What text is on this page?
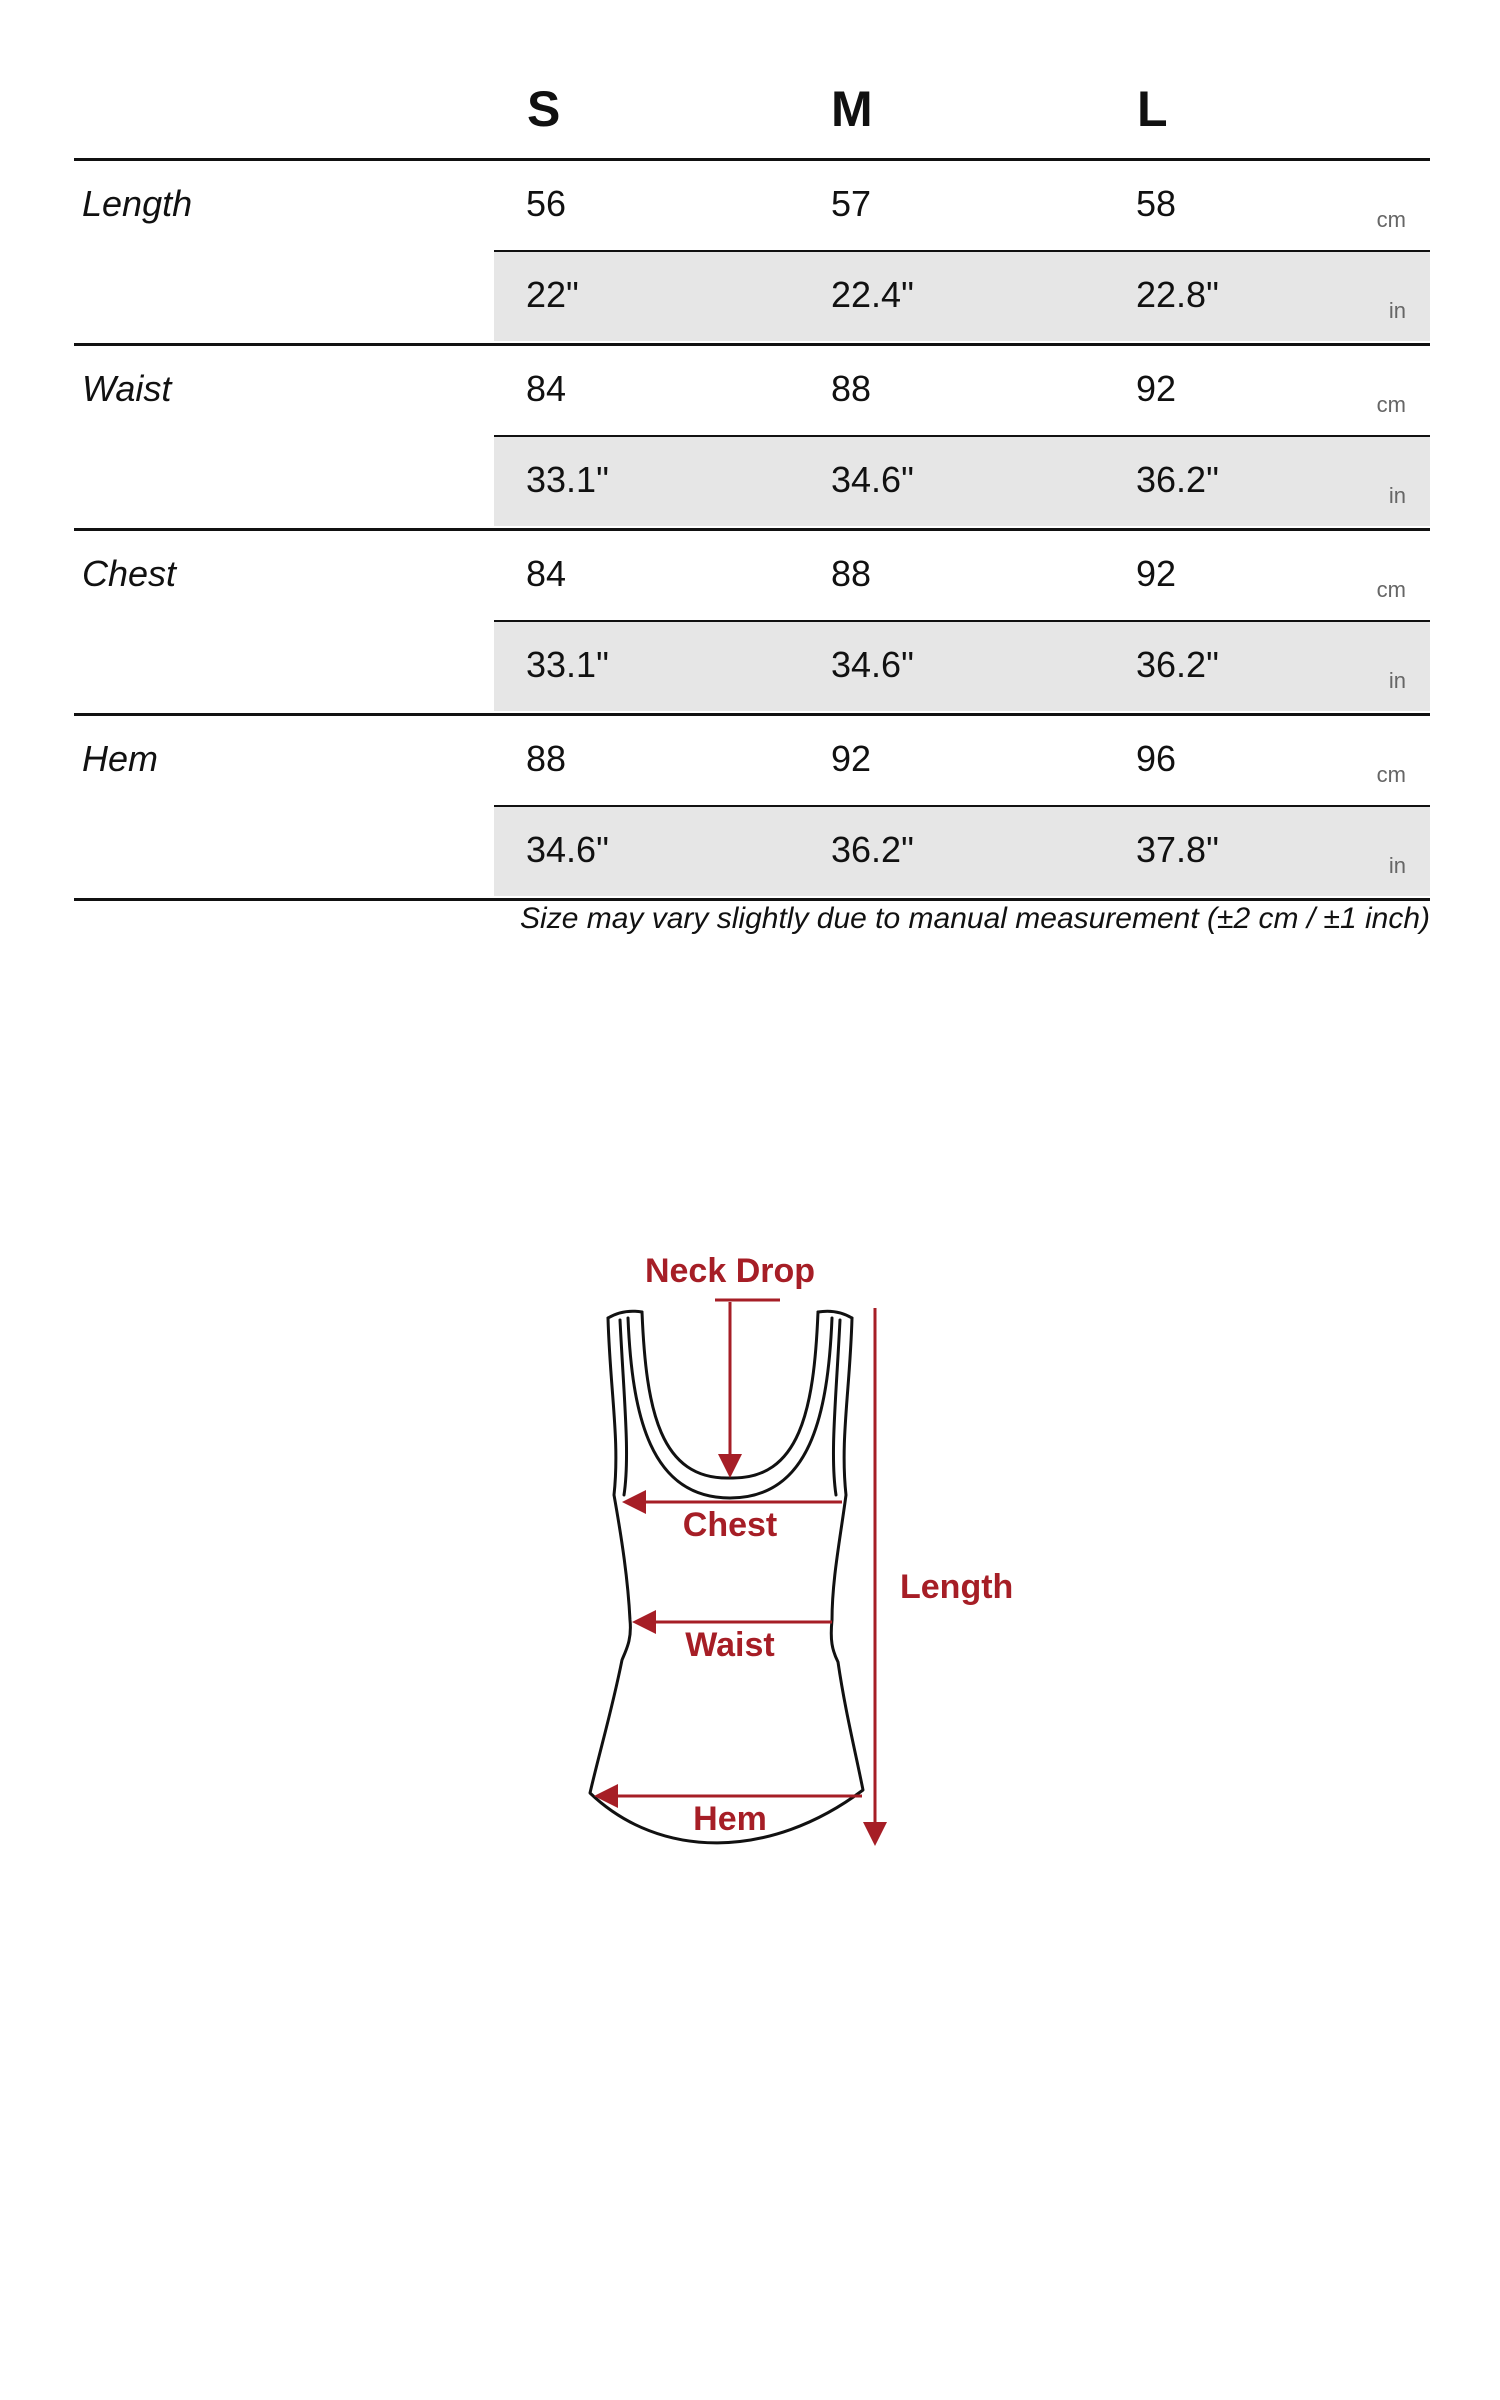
S	M	L
Length	56	57	58	cm
22"	22.4"	22.8"	in
Waist	84	88	92	cm
33.1"	34.6"	36.2"	in
Chest	84	88	92	cm
33.1"	34.6"	36.2"	in
Hem	88	92	96	cm
34.6"	36.2"	37.8"	in
Size may vary slightly due to manual measurement (±2 cm / ±1 inch)
Neck Drop
Chest
Waist
Hem
Length
